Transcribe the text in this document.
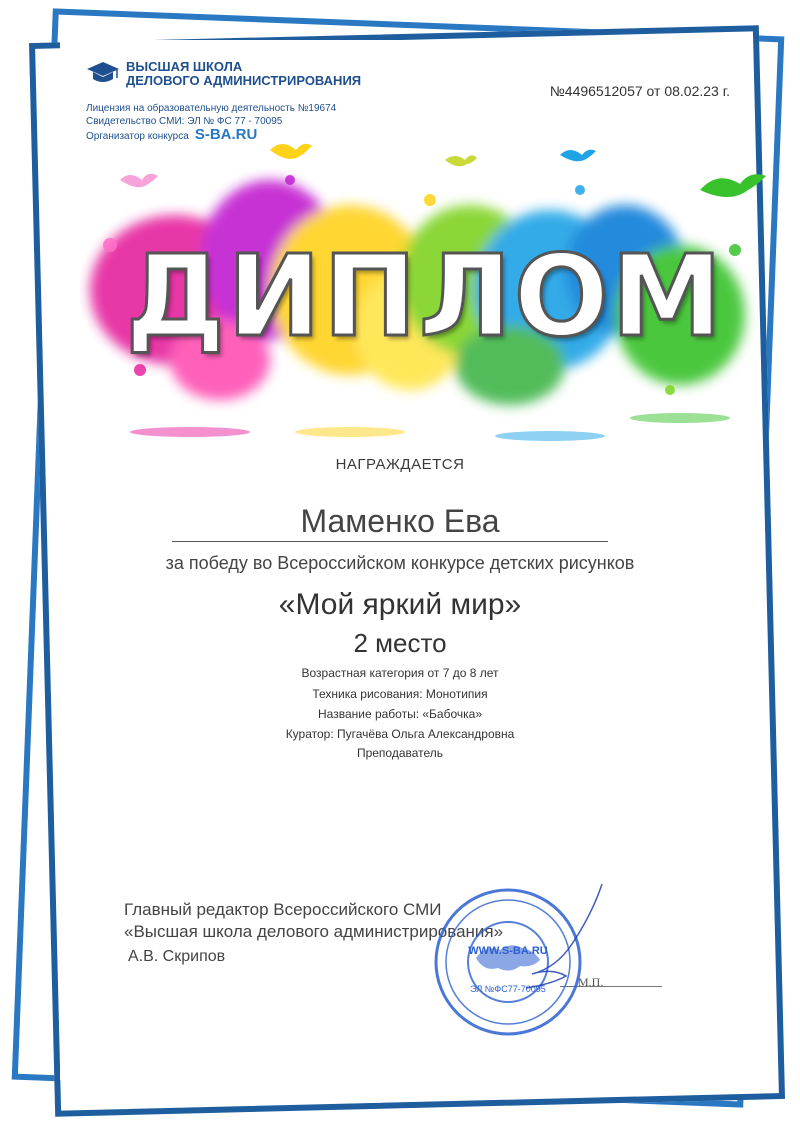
ВЫСШАЯ ШКОЛА
ДЕЛОВОГО АДМИНИСТРИРОВАНИЯ
Лицензия на образовательную деятельность №19674
Свидетельство СМИ: ЭЛ № ФС 77 - 70095
Организатор конкурса S-BA.RU
№4496512057 от 08.02.23 г.
ДИПЛОМ
НАГРАЖДАЕТСЯ
Маменко Ева
за победу во Всероссийском конкурсе детских рисунков
«Мой яркий мир»
2 место
Возрастная категория от 7 до 8 лет
Техника рисования: Монотипия
Название работы: «Бабочка»
Куратор: Пугачёва Ольга Александровна
Преподаватель
Главный редактор Всероссийского СМИ
«Высшая школа делового администрирования»
А.В. Скрипов
М.П.
WWW.S-BA.RU
ЭЛ №ФС77-70095
